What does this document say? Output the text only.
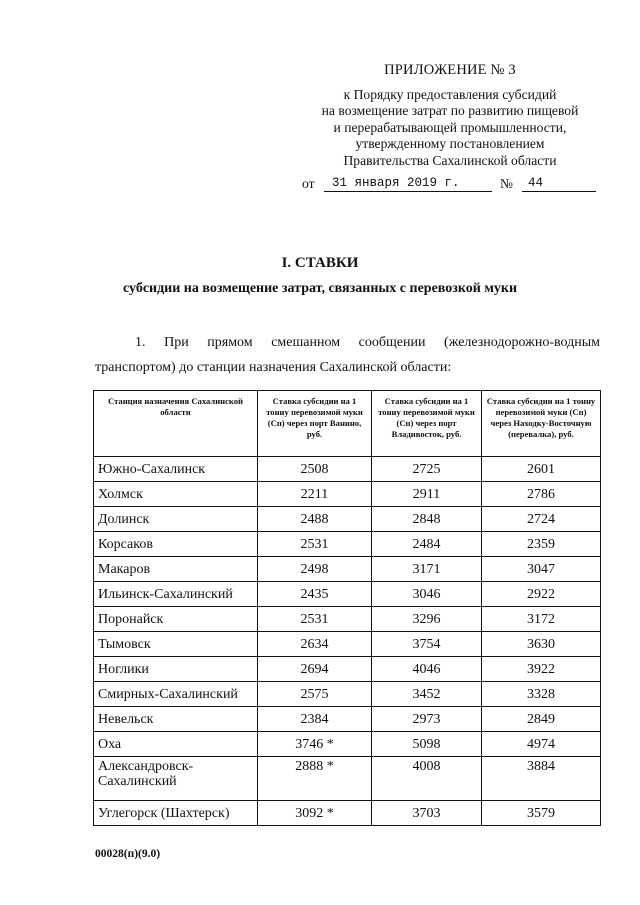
ПРИЛОЖЕНИЕ № 3
к Порядку предоставления субсидий
на возмещение затрат по развитию пищевой
и перерабатывающей промышленности,
утвержденному постановлением
Правительства Сахалинской области
от	31 января 2019 г.	№	44
I. СТАВКИ
субсидии на возмещение затрат, связанных с перевозкой муки
1. При прямом смешанном сообщении (железнодорожно-водным
транспортом) до станции назначения Сахалинской области:
Станция назначения Сахалинской области	Ставка субсидии на 1 тонну перевозимой муки (Сп) через порт Ванино, руб.	Ставка субсидии на 1 тонну перевозимой муки (Сп) через порт Владивосток, руб.	Ставка субсидии на 1 тонну перевозимой муки (Сп) через Находку-Восточную (перевалка), руб.
Южно-Сахалинск	2508	2725	2601
Холмск	2211	2911	2786
Долинск	2488	2848	2724
Корсаков	2531	2484	2359
Макаров	2498	3171	3047
Ильинск-Сахалинский	2435	3046	2922
Поронайск	2531	3296	3172
Тымовск	2634	3754	3630
Ноглики	2694	4046	3922
Смирных-Сахалинский	2575	3452	3328
Невельск	2384	2973	2849
Оха	3746 *	5098	4974
Александровск-Сахалинский	2888 *	4008	3884
Углегорск (Шахтерск)	3092 *	3703	3579
00028(п)(9.0)
